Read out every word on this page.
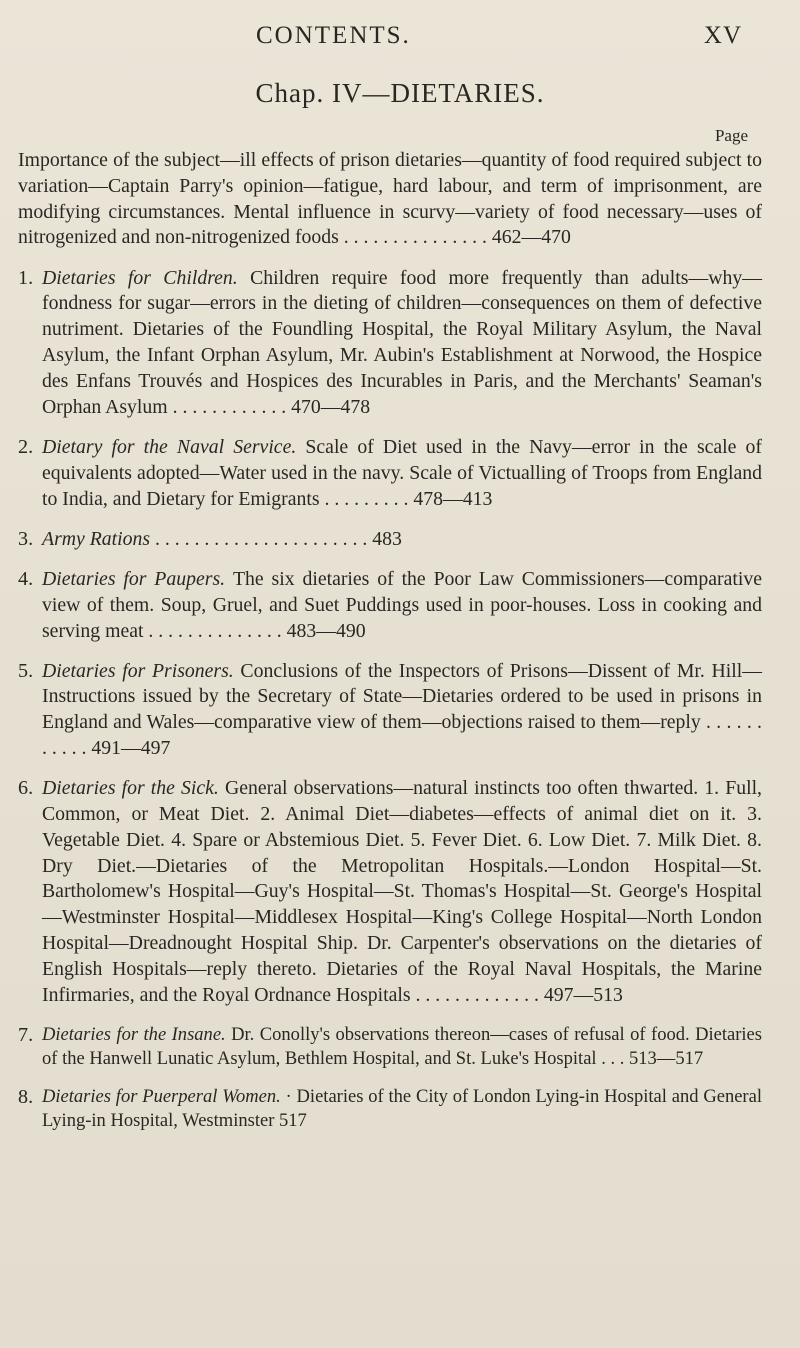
CONTENTS.	XV
Chap. IV—DIETARIES.
Page
Importance of the subject—ill effects of prison dietaries—quantity of food required subject to variation—Captain Parry's opinion—fatigue, hard labour, and term of imprisonment, are modifying circumstances. Mental influence in scurvy—variety of food necessary—uses of nitrogenized and non-nitrogenized foods . . . . . . . . . . . . . . . 462—470
1. Dietaries for Children. Children require food more frequently than adults—why—fondness for sugar—errors in the dieting of children—consequences on them of defective nutriment. Dietaries of the Foundling Hospital, the Royal Military Asylum, the Naval Asylum, the Infant Orphan Asylum, Mr. Aubin's Establishment at Norwood, the Hospice des Enfans Trouvés and Hospices des Incurables in Paris, and the Merchants' Seaman's Orphan Asylum . . . . . . . . . . . . 470—478
2. Dietary for the Naval Service. Scale of Diet used in the Navy—error in the scale of equivalents adopted—Water used in the navy. Scale of Victualling of Troops from England to India, and Dietary for Emigrants . . . . . . . . . 478—413
3. Army Rations . . . . . . . . . . . . . . . . . . . . . . 483
4. Dietaries for Paupers. The six dietaries of the Poor Law Commissioners—comparative view of them. Soup, Gruel, and Suet Puddings used in poor-houses. Loss in cooking and serving meat . . . . . . . . . . . . . . 483—490
5. Dietaries for Prisoners. Conclusions of the Inspectors of Prisons—Dissent of Mr. Hill—Instructions issued by the Secretary of State—Dietaries ordered to be used in prisons in England and Wales—comparative view of them—objections raised to them—reply . . . . . . . . . . . 491—497
6. Dietaries for the Sick. General observations—natural instincts too often thwarted. 1. Full, Common, or Meat Diet. 2. Animal Diet—diabetes—effects of animal diet on it. 3. Vegetable Diet. 4. Spare or Abstemious Diet. 5. Fever Diet. 6. Low Diet. 7. Milk Diet. 8. Dry Diet.—Dietaries of the Metropolitan Hospitals.—London Hospital—St. Bartholomew's Hospital—Guy's Hospital—St. Thomas's Hospital—St. George's Hospital—Westminster Hospital—Middlesex Hospital—King's College Hospital—North London Hospital—Dreadnought Hospital Ship. Dr. Carpenter's observations on the dietaries of English Hospitals—reply thereto. Dietaries of the Royal Naval Hospitals, the Marine Infirmaries, and the Royal Ordnance Hospitals . . . . . . . . . . . . . 497—513
7. Dietaries for the Insane. Dr. Conolly's observations thereon—cases of refusal of food. Dietaries of the Hanwell Lunatic Asylum, Bethlem Hospital, and St. Luke's Hospital . . . 513—517
8. Dietaries for Puerperal Women. · Dietaries of the City of London Lying-in Hospital and General Lying-in Hospital, Westminster 517
